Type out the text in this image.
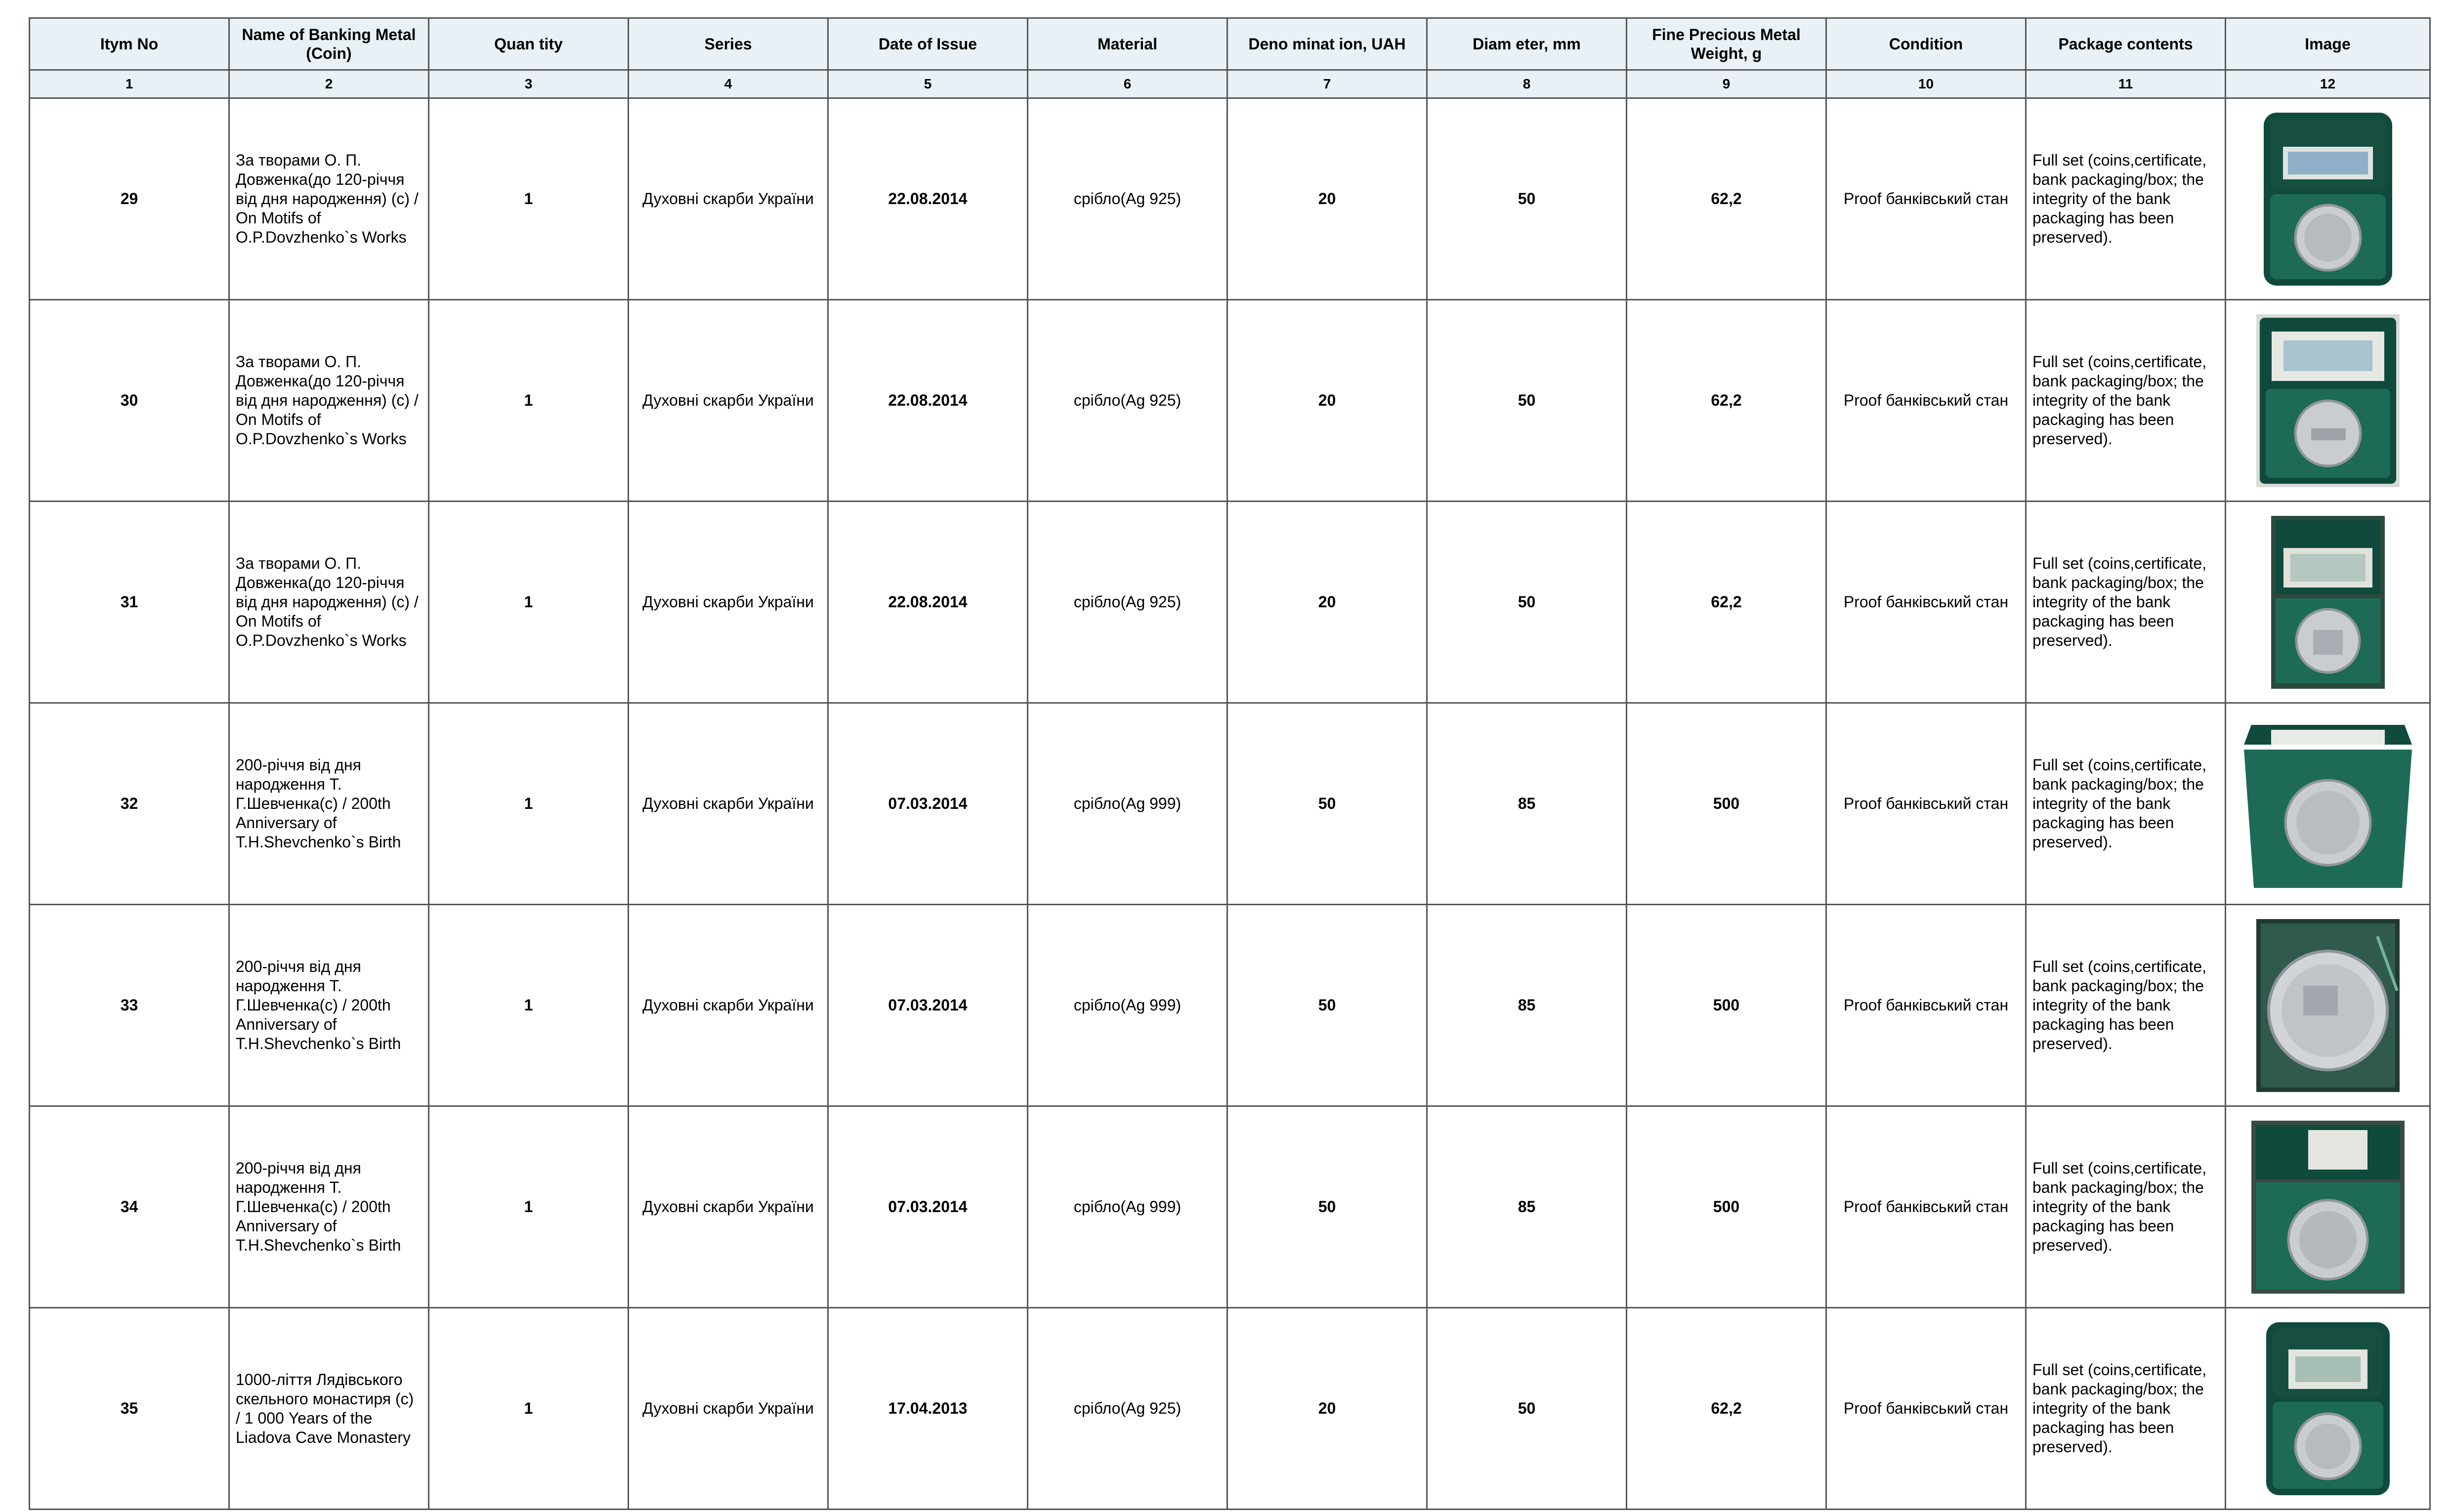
Itym No	Name of Banking Metal (Coin)	Quan tity	Series	Date of Issue	Material	Deno minat ion, UAH	Diam eter, mm	Fine Precious Metal Weight, g	Condition	Package contents	Image
1	2	3	4	5	6	7	8	9	10	11	12
29	За творами О. П. Довженка(до 120-річчя від дня народження) (с) / On Motifs of O.P.Dovzhenko`s Works	1	Духовні скарби України	22.08.2014	срібло(Ag 925)	20	50	62,2	Proof банківський стан	Full set (coins,certificate, bank packaging/box; the integrity of the bank packaging has been preserved).	

30	За творами О. П. Довженка(до 120-річчя від дня народження) (с) / On Motifs of O.P.Dovzhenko`s Works	1	Духовні скарби України	22.08.2014	срібло(Ag 925)	20	50	62,2	Proof банківський стан	Full set (coins,certificate, bank packaging/box; the integrity of the bank packaging has been preserved).	

31	За творами О. П. Довженка(до 120-річчя від дня народження) (с) / On Motifs of O.P.Dovzhenko`s Works	1	Духовні скарби України	22.08.2014	срібло(Ag 925)	20	50	62,2	Proof банківський стан	Full set (coins,certificate, bank packaging/box; the integrity of the bank packaging has been preserved).	

32	200-річчя від дня народження Т. Г.Шевченка(с) / 200th Anniversary of T.H.Shevchenko`s Birth	1	Духовні скарби України	07.03.2014	срібло(Ag 999)	50	85	500	Proof банківський стан	Full set (coins,certificate, bank packaging/box; the integrity of the bank packaging has been preserved).	

33	200-річчя від дня народження Т. Г.Шевченка(с) / 200th Anniversary of T.H.Shevchenko`s Birth	1	Духовні скарби України	07.03.2014	срібло(Ag 999)	50	85	500	Proof банківський стан	Full set (coins,certificate, bank packaging/box; the integrity of the bank packaging has been preserved).	

34	200-річчя від дня народження Т. Г.Шевченка(с) / 200th Anniversary of T.H.Shevchenko`s Birth	1	Духовні скарби України	07.03.2014	срібло(Ag 999)	50	85	500	Proof банківський стан	Full set (coins,certificate, bank packaging/box; the integrity of the bank packaging has been preserved).	

35	1000-ліття Лядівського скельного монастиря (с) / 1 000 Years of the Liadova Cave Monastery	1	Духовні скарби України	17.04.2013	срібло(Ag 925)	20	50	62,2	Proof банківський стан	Full set (coins,certificate, bank packaging/box; the integrity of the bank packaging has been preserved).	
